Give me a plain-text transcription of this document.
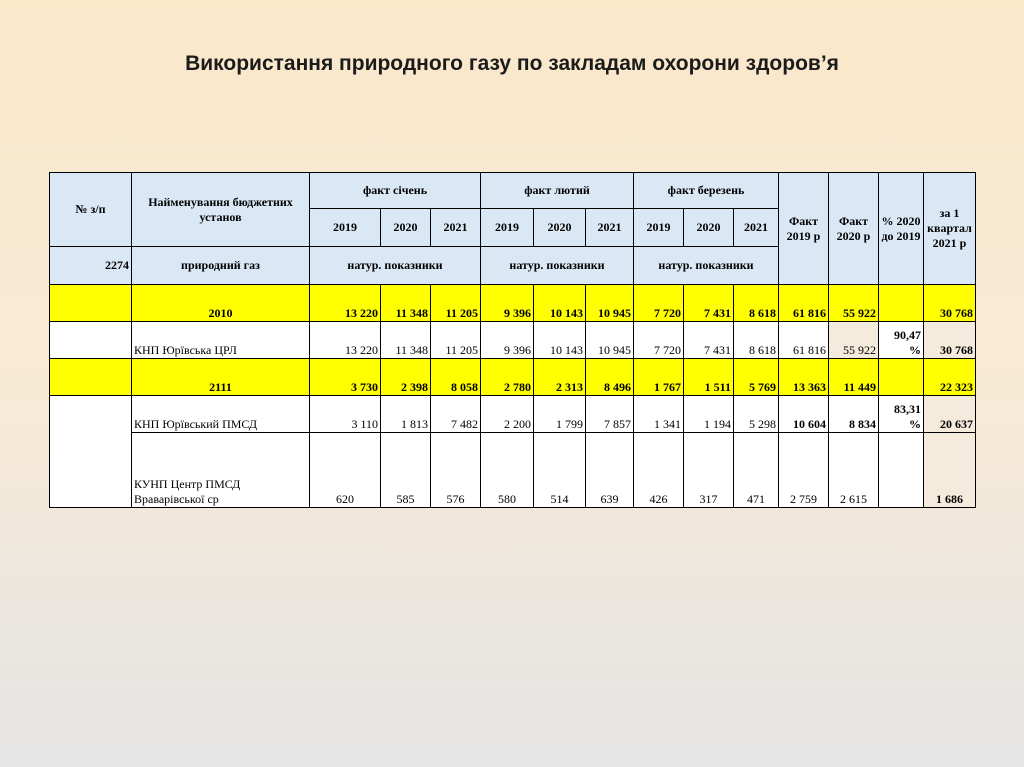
Використання природного газу по закладам охорони здоров’я
№ з/п	Найменування бюджетних установ	факт січень			факт лютий			факт березень			Факт 2019 р	Факт 2020 р	% 2020 до 2019	за 1 квартал 2021 р
		2019	2020	2021	2019	2020	2021	2019	2020	2021				
2274	природний газ	натур. показники			натур. показники			натур. показники						
	2010	13 220	11 348	11 205	9 396	10 143	10 945	7 720	7 431	8 618	61 816	55 922		30 768
	КНП Юрївська ЦРЛ	13 220	11 348	11 205	9 396	10 143	10 945	7 720	7 431	8 618	61 816	55 922	90,47 %	30 768
	2111	3 730	2 398	8 058	2 780	2 313	8 496	1 767	1 511	5 769	13 363	11 449		22 323
	КНП Юрївський ПМСД	3 110	1 813	7 482	2 200	1 799	7 857	1 341	1 194	5 298	10 604	8 834	83,31 %	20 637
	КУНП Центр ПМСД Враварівської ср	620	585	576	580	514	639	426	317	471	2 759	2 615		1 686
